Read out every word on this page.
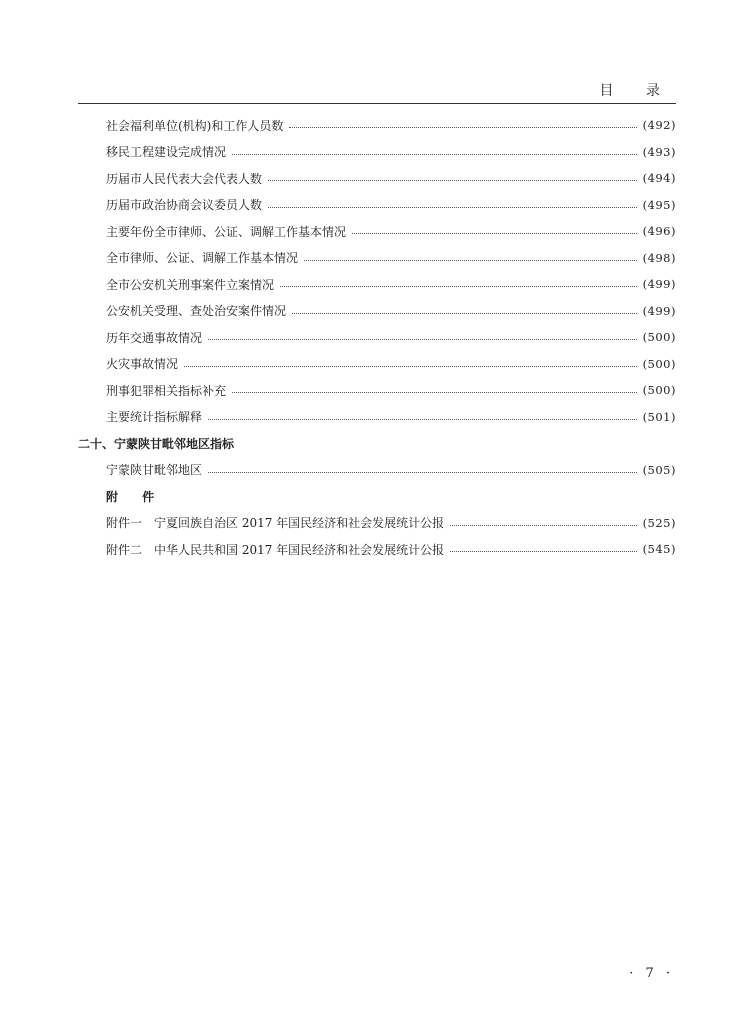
目 录
社会福利单位(机构)和工作人员数	(492)
移民工程建设完成情况	(493)
历届市人民代表大会代表人数	(494)
历届市政治协商会议委员人数	(495)
主要年份全市律师、公证、调解工作基本情况	(496)
全市律师、公证、调解工作基本情况	(498)
全市公安机关刑事案件立案情况	(499)
公安机关受理、查处治安案件情况	(499)
历年交通事故情况	(500)
火灾事故情况	(500)
刑事犯罪相关指标补充	(500)
主要统计指标解释	(501)
二十、宁蒙陕甘毗邻地区指标
宁蒙陕甘毗邻地区	(505)
附 件
附件一　宁夏回族自治区 2017 年国民经济和社会发展统计公报	(525)
附件二　中华人民共和国 2017 年国民经济和社会发展统计公报	(545)
· 7 ·
